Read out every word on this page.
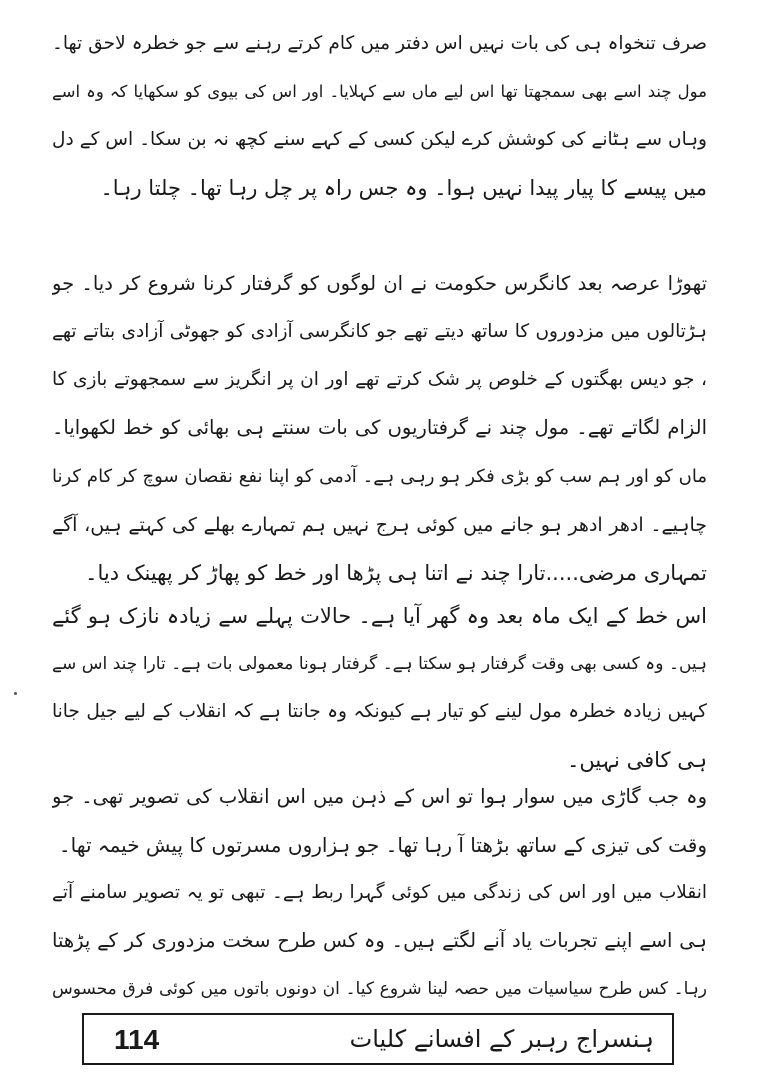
صرف تنخواہ ہی کی بات نہیں اس دفتر میں کام کرتے رہنے سے جو خطرہ لاحق تھا۔
مول چند اسے بھی سمجھتا تھا اس لیے ماں سے کہلایا۔ اور اس کی بیوی کو سکھایا کہ وہ اسے
وہاں سے ہٹانے کی کوشش کرے لیکن کسی کے کہے سنے کچھ نہ بن سکا۔ اس کے دل
میں پیسے کا پیار پیدا نہیں ہوا۔ وہ جس راہ پر چل رہا تھا۔ چلتا رہا۔
تھوڑا عرصہ بعد کانگرس حکومت نے ان لوگوں کو گرفتار کرنا شروع کر دیا۔ جو
ہڑتالوں میں مزدوروں کا ساتھ دیتے تھے جو کانگرسی آزادی کو جھوٹی آزادی بتاتے تھے
، جو دیس بھگتوں کے خلوص پر شک کرتے تھے اور ان پر انگریز سے سمجھوتے بازی کا
الزام لگاتے تھے۔ مول چند نے گرفتاریوں کی بات سنتے ہی بھائی کو خط لکھوایا۔
ماں کو اور ہم سب کو بڑی فکر ہو رہی ہے۔ آدمی کو اپنا نفع نقصان سوچ کر کام کرنا
چاہیے۔ ادھر ادھر ہو جانے میں کوئی ہرج نہیں ہم تمہارے بھلے کی کہتے ہیں، آگے
تمہاری مرضی.....تارا چند نے اتنا ہی پڑھا اور خط کو پھاڑ کر پھینک دیا۔
اس خط کے ایک ماہ بعد وہ گھر آیا ہے۔ حالات پہلے سے زیادہ نازک ہو گئے
ہیں۔ وہ کسی بھی وقت گرفتار ہو سکتا ہے۔ گرفتار ہونا معمولی بات ہے۔ تارا چند اس سے
کہیں زیادہ خطرہ مول لینے کو تیار ہے کیونکہ وہ جانتا ہے کہ انقلاب کے لیے جیل جانا
ہی کافی نہیں۔
وہ جب گاڑی میں سوار ہوا تو اس کے ذہن میں اس انقلاب کی تصویر تھی۔ جو
وقت کی تیزی کے ساتھ بڑھتا آ رہا تھا۔ جو ہزاروں مسرتوں کا پیش خیمہ تھا۔
انقلاب میں اور اس کی زندگی میں کوئی گہرا ربط ہے۔ تبھی تو یہ تصویر سامنے آتے
ہی اسے اپنے تجربات یاد آنے لگتے ہیں۔ وہ کس طرح سخت مزدوری کر کے پڑھتا
رہا۔ کس طرح سیاسیات میں حصہ لینا شروع کیا۔ ان دونوں باتوں میں کوئی فرق محسوس
114	ہنسراج رہبر کے افسانے کلیات
